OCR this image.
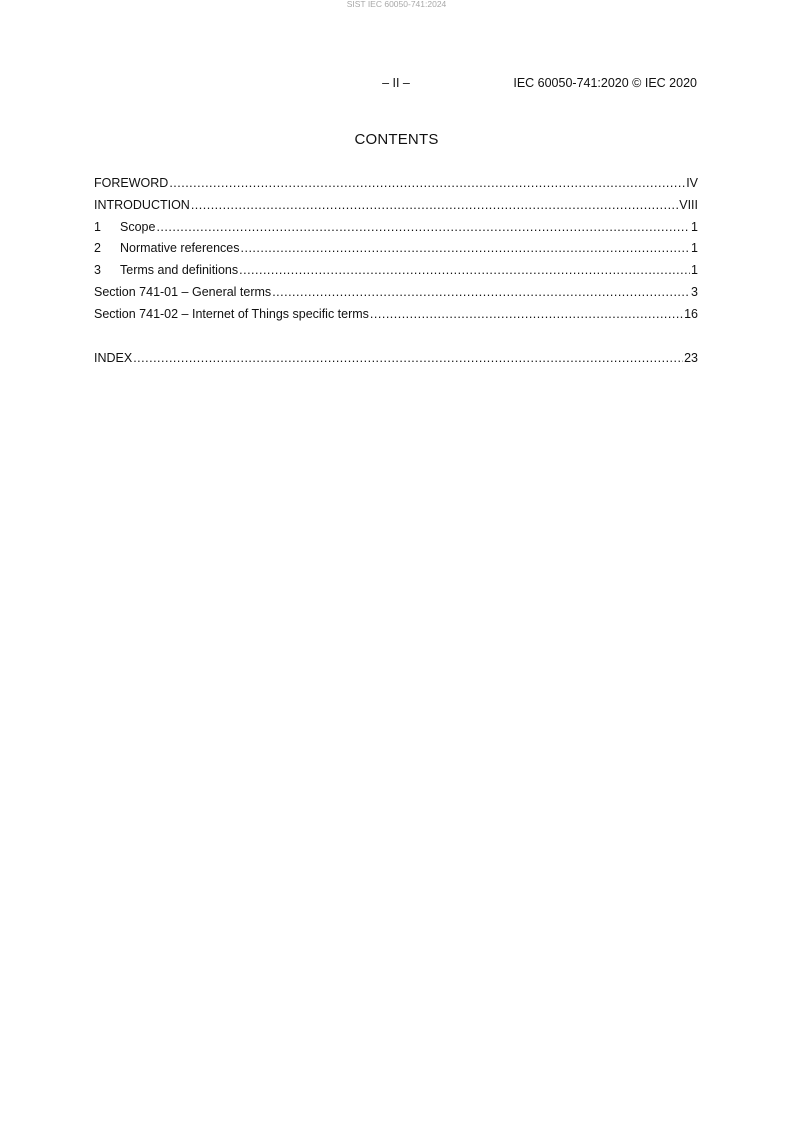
SIST IEC 60050-741:2024
– II –	IEC 60050-741:2020 © IEC 2020
CONTENTS
FOREWORD .....	IV
INTRODUCTION .....	VIII
1	Scope .....	1
2	Normative references .....	1
3	Terms and definitions .....	1
Section 741-01 – General terms .....	3
Section 741-02 – Internet of Things specific terms .....	16
INDEX .....	23
